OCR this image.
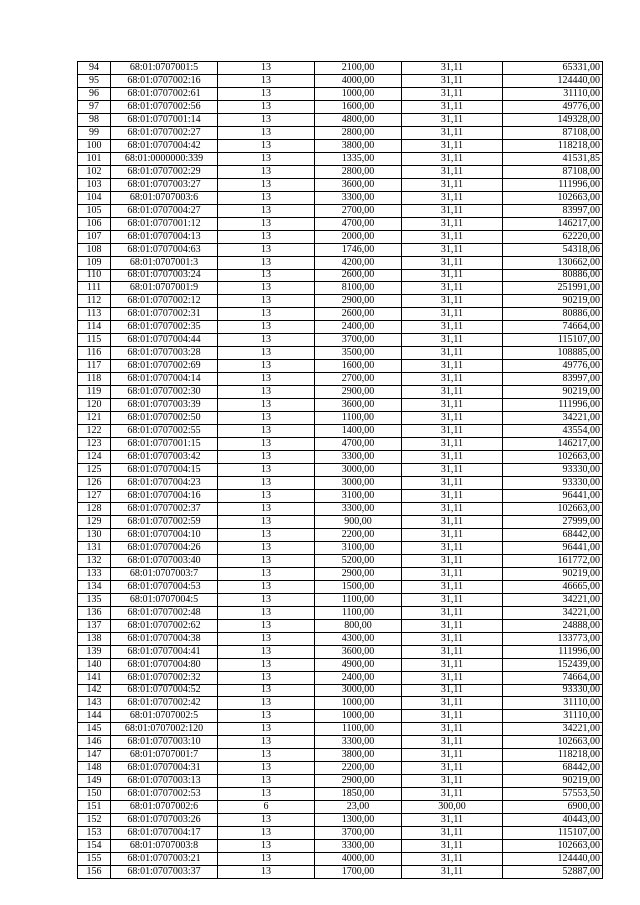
94	68:01:0707001:5	13	2100,00	31,11	65331,00
95	68:01:0707002:16	13	4000,00	31,11	124440,00
96	68:01:0707002:61	13	1000,00	31,11	31110,00
97	68:01:0707002:56	13	1600,00	31,11	49776,00
98	68:01:0707001:14	13	4800,00	31,11	149328,00
99	68:01:0707002:27	13	2800,00	31,11	87108,00
100	68:01:0707004:42	13	3800,00	31,11	118218,00
101	68:01:0000000:339	13	1335,00	31,11	41531,85
102	68:01:0707002:29	13	2800,00	31,11	87108,00
103	68:01:0707003:27	13	3600,00	31,11	111996,00
104	68:01:0707003:6	13	3300,00	31,11	102663,00
105	68:01:0707004:27	13	2700,00	31,11	83997,00
106	68:01:0707001:12	13	4700,00	31,11	146217,00
107	68:01:0707004:13	13	2000,00	31,11	62220,00
108	68:01:0707004:63	13	1746,00	31,11	54318,06
109	68:01:0707001:3	13	4200,00	31,11	130662,00
110	68:01:0707003:24	13	2600,00	31,11	80886,00
111	68:01:0707001:9	13	8100,00	31,11	251991,00
112	68:01:0707002:12	13	2900,00	31,11	90219,00
113	68:01:0707002:31	13	2600,00	31,11	80886,00
114	68:01:0707002:35	13	2400,00	31,11	74664,00
115	68:01:0707004:44	13	3700,00	31,11	115107,00
116	68:01:0707003:28	13	3500,00	31,11	108885,00
117	68:01:0707002:69	13	1600,00	31,11	49776,00
118	68:01:0707004:14	13	2700,00	31,11	83997,00
119	68:01:0707002:30	13	2900,00	31,11	90219,00
120	68:01:0707003:39	13	3600,00	31,11	111996,00
121	68:01:0707002:50	13	1100,00	31,11	34221,00
122	68:01:0707002:55	13	1400,00	31,11	43554,00
123	68:01:0707001:15	13	4700,00	31,11	146217,00
124	68:01:0707003:42	13	3300,00	31,11	102663,00
125	68:01:0707004:15	13	3000,00	31,11	93330,00
126	68:01:0707004:23	13	3000,00	31,11	93330,00
127	68:01:0707004:16	13	3100,00	31,11	96441,00
128	68:01:0707002:37	13	3300,00	31,11	102663,00
129	68:01:0707002:59	13	900,00	31,11	27999,00
130	68:01:0707004:10	13	2200,00	31,11	68442,00
131	68:01:0707004:26	13	3100,00	31,11	96441,00
132	68:01:0707003:40	13	5200,00	31,11	161772,00
133	68:01:0707003:7	13	2900,00	31,11	90219,00
134	68:01:0707004:53	13	1500,00	31,11	46665,00
135	68:01:0707004:5	13	1100,00	31,11	34221,00
136	68:01:0707002:48	13	1100,00	31,11	34221,00
137	68:01:0707002:62	13	800,00	31,11	24888,00
138	68:01:0707004:38	13	4300,00	31,11	133773,00
139	68:01:0707004:41	13	3600,00	31,11	111996,00
140	68:01:0707004:80	13	4900,00	31,11	152439,00
141	68:01:0707002:32	13	2400,00	31,11	74664,00
142	68:01:0707004:52	13	3000,00	31,11	93330,00
143	68:01:0707002:42	13	1000,00	31,11	31110,00
144	68:01:0707002:5	13	1000,00	31,11	31110,00
145	68:01:0707002:120	13	1100,00	31,11	34221,00
146	68:01:0707003:10	13	3300,00	31,11	102663,00
147	68:01:0707001:7	13	3800,00	31,11	118218,00
148	68:01:0707004:31	13	2200,00	31,11	68442,00
149	68:01:0707003:13	13	2900,00	31,11	90219,00
150	68:01:0707002:53	13	1850,00	31,11	57553,50
151	68:01:0707002:6	6	23,00	300,00	6900,00
152	68:01:0707003:26	13	1300,00	31,11	40443,00
153	68:01:0707004:17	13	3700,00	31,11	115107,00
154	68:01:0707003:8	13	3300,00	31,11	102663,00
155	68:01:0707003:21	13	4000,00	31,11	124440,00
156	68:01:0707003:37	13	1700,00	31,11	52887,00
